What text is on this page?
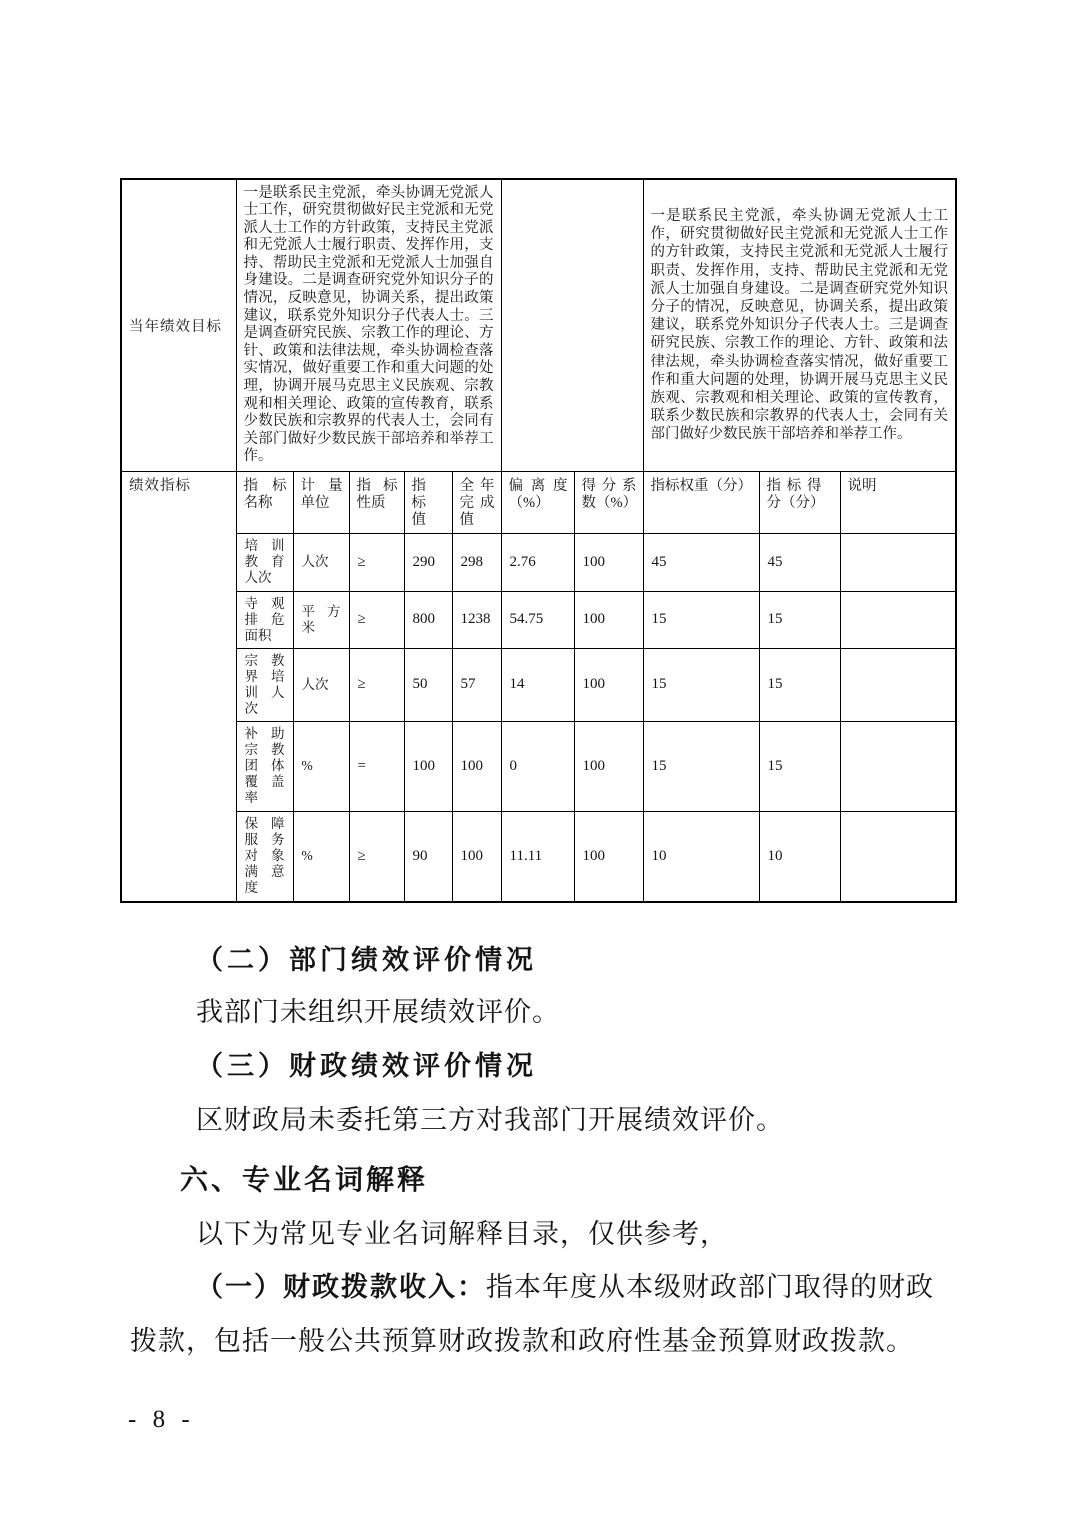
当年绩效目标	一是联系民主党派，牵头协调无党派人士工作，研究贯彻做好民主党派和无党派人士工作的方针政策，支持民主党派和无党派人士履行职责、发挥作用，支持、帮助民主党派和无党派人士加强自身建设。二是调查研究党外知识分子的情况，反映意见，协调关系，提出政策建议，联系党外知识分子代表人士。三是调查研究民族、宗教工作的理论、方针、政策和法律法规，牵头协调检查落实情况，做好重要工作和重大问题的处理，协调开展马克思主义民族观、宗教观和相关理论、政策的宣传教育，联系少数民族和宗教界的代表人士，会同有关部门做好少数民族干部培养和举荐工作。		一是联系民主党派，牵头协调无党派人士工作，研究贯彻做好民主党派和无党派人士工作的方针政策，支持民主党派和无党派人士履行职责、发挥作用，支持、帮助民主党派和无党派人士加强自身建设。二是调查研究党外知识分子的情况，反映意见，协调关系，提出政策建议，联系党外知识分子代表人士。三是调查研究民族、宗教工作的理论、方针、政策和法律法规，牵头协调检查落实情况，做好重要工作和重大问题的处理，协调开展马克思主义民族观、宗教观和相关理论、政策的宣传教育，联系少数民族和宗教界的代表人士，会同有关部门做好少数民族干部培养和举荐工作。
绩效指标	指标名称	计量单位	指标性质	指标值	全年完成值	偏离度（%）	得分系数（%）	指标权重（分）	指标得分（分）	说明
	培训教育人次	人次	≥	290	298	2.76	100	45	45	
	寺观排危面积	平方米	≥	800	1238	54.75	100	15	15	
	宗教界培训人次	人次	≥	50	57	14	100	15	15	
	补助宗教团体覆盖率	%	=	100	100	0	100	15	15	
	保障服务对象满意度	%	≥	90	100	11.11	100	10	10	
（二）部门绩效评价情况
我部门未组织开展绩效评价。
（三）财政绩效评价情况
区财政局未委托第三方对我部门开展绩效评价。
六、专业名词解释
以下为常见专业名词解释目录，仅供参考，
（一）财政拨款收入：指本年度从本级财政部门取得的财政
拨款，包括一般公共预算财政拨款和政府性基金预算财政拨款。
- 8 -
